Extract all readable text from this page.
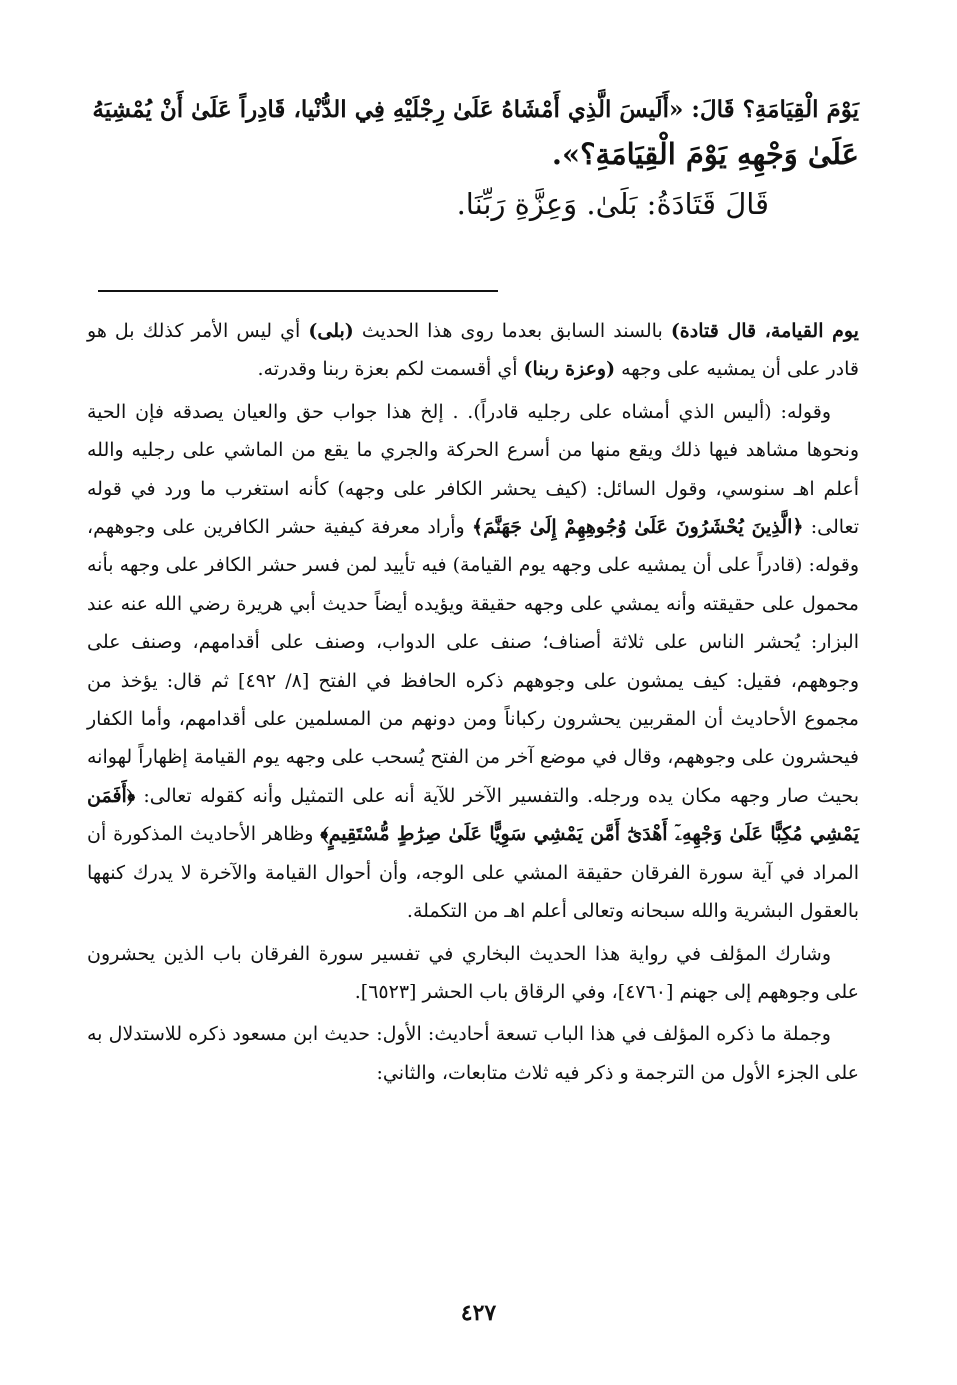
يَوْمَ الْقِيَامَةِ؟ قَالَ: «أَلَيسَ الَّذِي أَمْشَاهُ عَلَىٰ رِجْلَيْهِ فِي الدُّنْيا، قَادِراً عَلَىٰ أَنْ يُمْشِيَهُ
عَلَىٰ وَجْهِهِ يَوْمَ الْقِيَامَةِ؟».
قَالَ قَتَادَةُ: بَلَىٰ. وَعِزَّةِ رَبِّنَا.

يوم القيامة، قال قتادة) بالسند السابق بعدما روى هذا الحديث (بلى) أي ليس الأمر كذلك بل هو قادر على أن يمشيه على وجهه (وعزة ربنا) أي أقسمت لكم بعزة ربنا وقدرته.

وقوله: (أليس الذي أمشاه على رجليه قادراً). . إلخ هذا جواب حق والعيان يصدقه فإن الحية ونحوها مشاهد فيها ذلك ويقع منها من أسرع الحركة والجري ما يقع من الماشي على رجليه والله أعلم اهـ سنوسي، وقول السائل: (كيف يحشر الكافر على وجهه) كأنه استغرب ما ورد في قوله تعالى: ﴿الَّذِينَ يُحْشَرُونَ عَلَىٰ وُجُوهِهِمْ إِلَىٰ جَهَنَّمَ﴾ وأراد معرفة كيفية حشر الكافرين على وجوههم، وقوله: (قادراً على أن يمشيه على وجهه يوم القيامة) فيه تأييد لمن فسر حشر الكافر على وجهه بأنه محمول على حقيقته وأنه يمشي على وجهه حقيقة ويؤيده أيضاً حديث أبي هريرة رضي الله عنه عند البزار: يُحشر الناس على ثلاثة أصناف؛ صنف على الدواب، وصنف على أقدامهم، وصنف على وجوههم، فقيل: كيف يمشون على وجوههم ذكره الحافظ في الفتح [٨/ ٤٩٢] ثم قال: يؤخذ من مجموع الأحاديث أن المقربين يحشرون ركباناً ومن دونهم من المسلمين على أقدامهم، وأما الكفار فيحشرون على وجوههم، وقال في موضع آخر من الفتح يُسحب على وجهه يوم القيامة إظهاراً لهوانه بحيث صار وجهه مكان يده ورجله. والتفسير الآخر للآية أنه على التمثيل وأنه كقوله تعالى: ﴿أَفَمَن يَمْشِي مُكِبًّا عَلَىٰ وَجْهِهِۦٓ أَهْدَىٰٓ أَمَّن يَمْشِي سَوِيًّا عَلَىٰ صِرَٰطٍ مُّسْتَقِيمٍ﴾ وظاهر الأحاديث المذكورة أن المراد في آية سورة الفرقان حقيقة المشي على الوجه، وأن أحوال القيامة والآخرة لا يدرك كنهها بالعقول البشرية والله سبحانه وتعالى أعلم اهـ من التكملة.

وشارك المؤلف في رواية هذا الحديث البخاري في تفسير سورة الفرقان باب الذين يحشرون على وجوههم إلى جهنم [٤٧٦٠]، وفي الرقاق باب الحشر [٦٥٢٣].

وجملة ما ذكره المؤلف في هذا الباب تسعة أحاديث: الأول: حديث ابن مسعود ذكره للاستدلال به على الجزء الأول من الترجمة و ذكر فيه ثلاث متابعات، والثاني:

٤٢٧
